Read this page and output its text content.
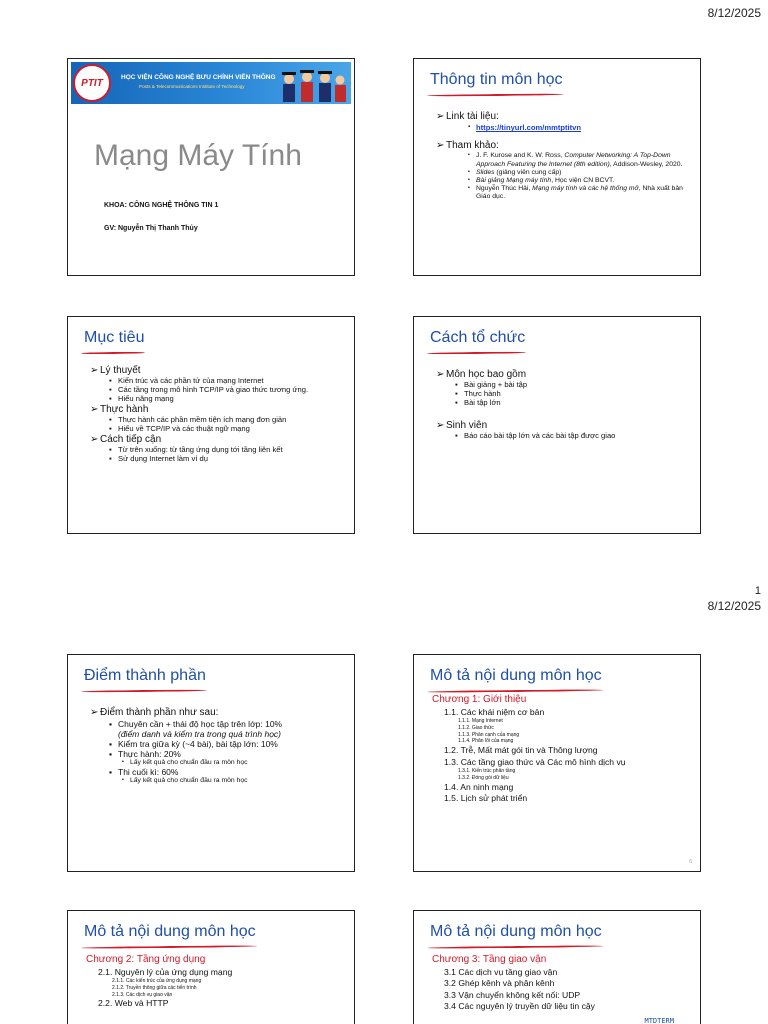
8/12/2025
PTIT	HỌC VIỆN CÔNG NGHỆ BƯU CHÍNH VIỄN THÔNG
Posts & Telecommunications Institute of Technology
Mạng Máy Tính
KHOA: CÔNG NGHỆ THÔNG TIN 1
GV: Nguyễn Thị Thanh Thủy
Thông tin môn học
➢ Link tài liệu:
▪ https://tinyurl.com/mmtptitvn
➢ Tham khảo:
▪ J. F. Kurose and K. W. Ross, Computer Networking: A Top-Down Approach Featuring the Internet (8th edition), Addison-Wesley, 2020.
▪ Slides (giảng viên cung cấp)
▪ Bài giảng Mạng máy tính, Học viện CN BCVT.
▪ Nguyễn Thúc Hải, Mạng máy tính và các hệ thống mở, Nhà xuất bản Giáo dục.
Mục tiêu
➢ Lý thuyết
▪ Kiến trúc và các phần tử của mạng Internet
▪ Các tầng trong mô hình TCP/IP và giao thức tương ứng.
▪ Hiểu năng mạng
➢ Thực hành
▪ Thực hành các phần mềm tiện ích mạng đơn giản
▪ Hiểu về TCP/IP và các thuật ngữ mạng
➢ Cách tiếp cận
▪ Từ trên xuống: từ tầng ứng dụng tới tầng liên kết
▪ Sử dụng Internet làm ví dụ
Cách tổ chức
➢ Môn học bao gồm
▪ Bài giảng + bài tập
▪ Thực hành
▪ Bài tập lớn
➢ Sinh viên
▪ Báo cáo bài tập lớn và các bài tập được giao
1
8/12/2025
Điểm thành phần
➢ Điểm thành phần như sau:
▪ Chuyên cần + thái độ học tập trên lớp: 10%
(điểm danh và kiểm tra trong quá trình học)
▪ Kiểm tra giữa kỳ (~4 bài), bài tập lớn: 10%
▪ Thực hành: 20%
▪ Lấy kết quả cho chuẩn đầu ra môn học
▪ Thi cuối kì: 60%
▪ Lấy kết quả cho chuẩn đầu ra môn học
Mô tả nội dung môn học
Chương 1: Giới thiệu
1.1. Các khái niệm cơ bản
1.1.1. Mạng Internet
1.1.2. Giao thức
1.1.3. Phân cạnh của mạng
1.1.4. Phân lõi của mạng
1.2. Trễ, Mất mát gói tin và Thông lượng
1.3. Các tầng giao thức và Các mô hình dịch vụ
1.3.1. Kiến trúc phân tầng
1.3.2. Đóng gói dữ liệu
1.4. An ninh mạng
1.5. Lịch sử phát triển
6
Mô tả nội dung môn học
Chương 2: Tầng ứng dụng
2.1. Nguyên lý của ứng dụng mạng
2.1.1. Các kiến trúc của ứng dụng mạng
2.1.2. Truyền thông giữa các tiến trình
2.1.3. Các dịch vụ giao vận
2.2. Web và HTTP
Mô tả nội dung môn học
Chương 3: Tầng giao vận
3.1 Các dịch vụ tầng giao vận
3.2 Ghép kênh và phân kênh
3.3 Vận chuyển không kết nối: UDP
3.4 Các nguyên lý truyền dữ liệu tin cậy
MTDTERM
